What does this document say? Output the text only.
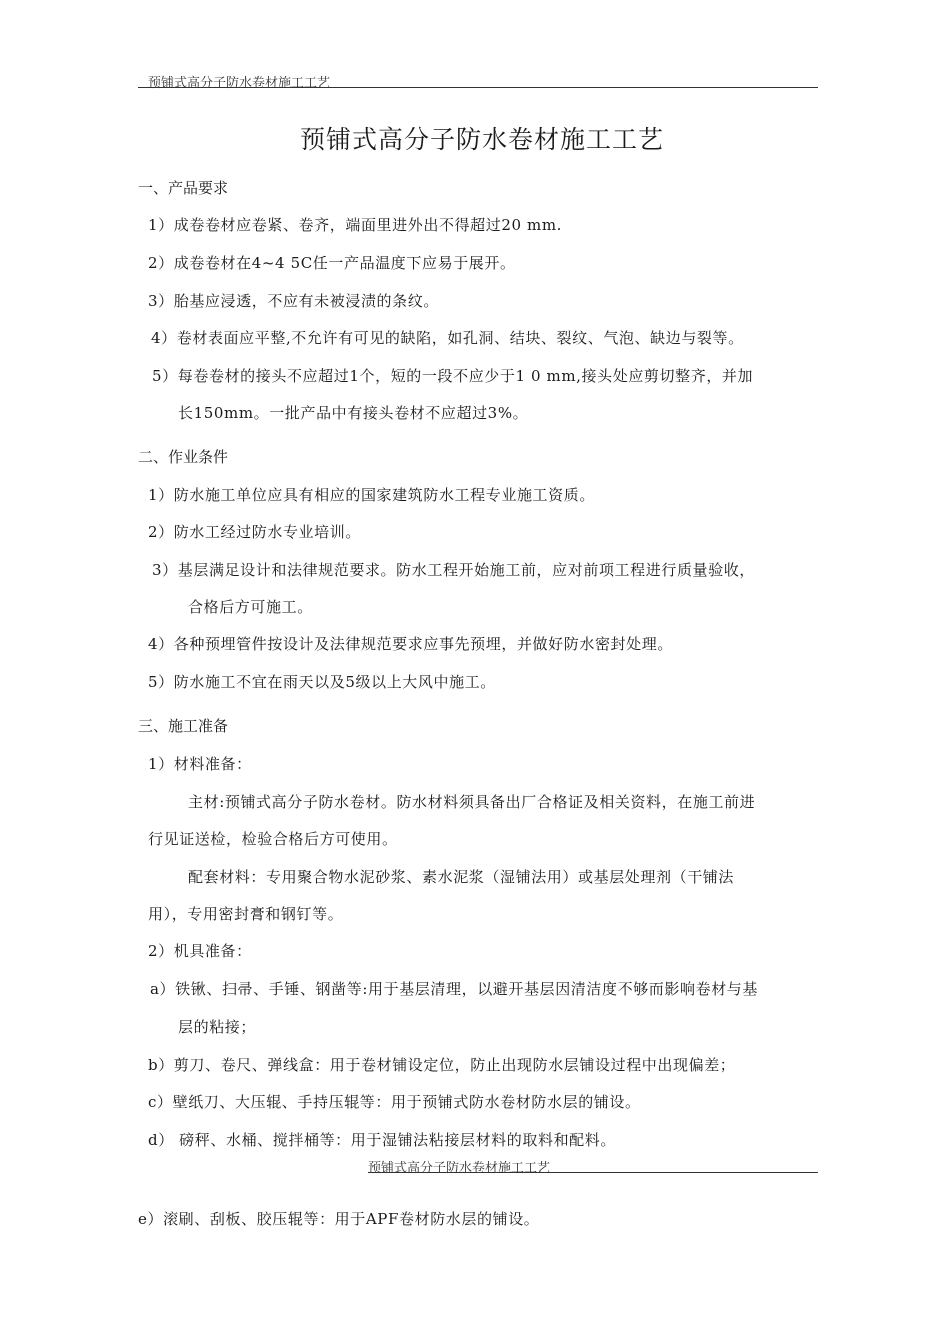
预铺式高分子防水卷材施工工艺
预铺式高分子防水卷材施工工艺
一、产品要求
1）成卷卷材应卷紧、卷齐，端面里进外出不得超过20 mm.
2）成卷卷材在4~4 5C任一产品温度下应易于展开。
3）胎基应浸透，不应有未被浸渍的条纹。
4）卷材表面应平整,不允许有可见的缺陷，如孔洞、结块、裂纹、气泡、缺边与裂等。
5）每卷卷材的接头不应超过1个，短的一段不应少于1 0 mm,接头处应剪切整齐，并加
长150mm。一批产品中有接头卷材不应超过3%。
二、作业条件
1）防水施工单位应具有相应的国家建筑防水工程专业施工资质。
2）防水工经过防水专业培训。
3）基层满足设计和法律规范要求。防水工程开始施工前，应对前项工程进行质量验收，
合格后方可施工。
4）各种预埋管件按设计及法律规范要求应事先预埋，并做好防水密封处理。
5）防水施工不宜在雨天以及5级以上大风中施工。
三、施工准备
1）材料准备：
主材:预铺式高分子防水卷材。防水材料须具备出厂合格证及相关资料，在施工前进
行见证送检，检验合格后方可使用。
配套材料：专用聚合物水泥砂浆、素水泥浆（湿铺法用）或基层处理剂（干铺法
用），专用密封膏和钢钉等。
2）机具准备：
a）铁锹、扫帚、手锤、钢凿等:用于基层清理，以避开基层因清洁度不够而影响卷材与基
层的粘接；
b）剪刀、卷尺、弹线盒：用于卷材铺设定位，防止出现防水层铺设过程中出现偏差；
c）壁纸刀、大压辊、手持压辊等：用于预铺式防水卷材防水层的铺设。
d） 磅秤、水桶、搅拌桶等：用于湿铺法粘接层材料的取料和配料。
预铺式高分子防水卷材施工工艺
e）滚刷、刮板、胶压辊等：用于APF卷材防水层的铺设。
